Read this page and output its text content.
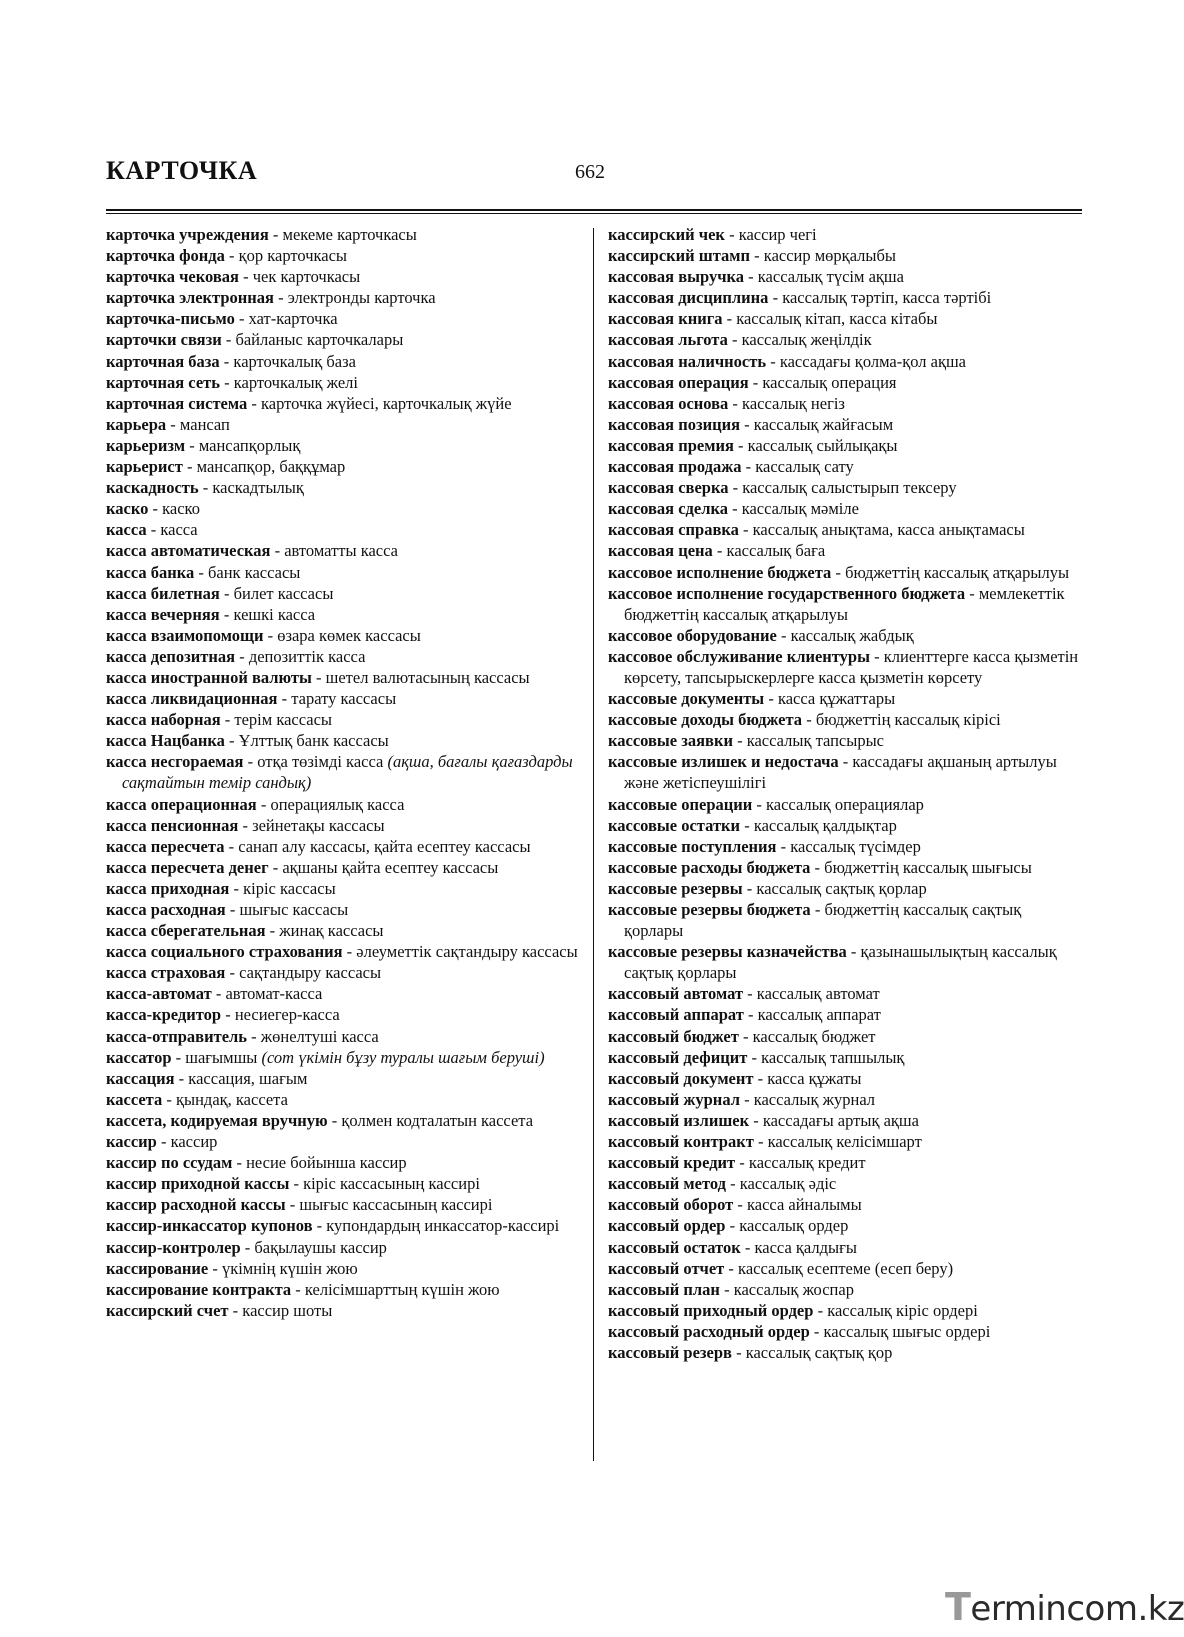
КАРТОЧКА	662
карточка учреждения - мекеме карточкасы
карточка фонда - қор карточкасы
карточка чековая - чек карточкасы
карточка электронная - электронды карточка
карточка-письмо - хат-карточка
карточки связи - байланыс карточкалары
карточная база - карточкалық база
карточная сеть - карточкалық желі
карточная система - карточка жүйесі, карточкалық жүйе
карьера - мансап
карьеризм - мансапқорлық
карьерист - мансапқор, баққұмар
каскадность - каскадтылық
каско - каско
касса - касса
касса автоматическая - автоматты касса
касса банка - банк кассасы
касса билетная - билет кассасы
касса вечерняя - кешкі касса
касса взаимопомощи - өзара көмек кассасы
касса депозитная - депозиттік касса
касса иностранной валюты - шетел валютасының кассасы
касса ликвидационная - тарату кассасы
касса наборная - терім кассасы
касса Нацбанка - Ұлттық банк кассасы
касса несгораемая - отқа төзімді касса (ақша, бағалы қағаздарды сақтайтын темір сандық)
касса операционная - операциялық касса
касса пенсионная - зейнетақы кассасы
касса пересчета - санап алу кассасы, қайта есептеу кассасы
касса пересчета денег - ақшаны қайта есептеу кассасы
касса приходная - кіріс кассасы
касса расходная - шығыс кассасы
касса сберегательная - жинақ кассасы
касса социального страхования - әлеуметтік сақтандыру кассасы
касса страховая - сақтандыру кассасы
касса-автомат - автомат-касса
касса-кредитор - несиегер-касса
касса-отправитель - жөнелтуші касса
кассатор - шағымшы (сот үкімін бұзу туралы шағым беруші)
кассация - кассация, шағым
кассета - қындақ, кассета
кассета, кодируемая вручную - қолмен кодталатын кассета
кассир - кассир
кассир по ссудам - несие бойынша кассир
кассир приходной кассы - кіріс кассасының кассирі
кассир расходной кассы - шығыс кассасының кассирі
кассир-инкассатор купонов - купондардың инкассатор-кассирі
кассир-контролер - бақылаушы кассир
кассирование - үкімнің күшін жою
кассирование контракта - келісімшарттың күшін жою
кассирский счет - кассир шоты
кассирский чек - кассир чегі
кассирский штамп - кассир мөрқалыбы
кассовая выручка - кассалық түсім ақша
кассовая дисциплина - кассалық тәртіп, касса тәртібі
кассовая книга - кассалық кітап, касса кітабы
кассовая льгота - кассалық жеңілдік
кассовая наличность - кассадағы қолма-қол ақша
кассовая операция - кассалық операция
кассовая основа - кассалық негіз
кассовая позиция - кассалық жайғасым
кассовая премия - кассалық сыйлықақы
кассовая продажа - кассалық сату
кассовая сверка - кассалық салыстырып тексеру
кассовая сделка - кассалық мәміле
кассовая справка - кассалық анықтама, касса анықтамасы
кассовая цена - кассалық баға
кассовое исполнение бюджета - бюджеттің кассалық атқарылуы
кассовое исполнение государственного бюджета - мемлекеттік бюджеттің кассалық атқарылуы
кассовое оборудование - кассалық жабдық
кассовое обслуживание клиентуры - клиенттерге касса қызметін көрсету, тапсырыскерлерге касса қызметін көрсету
кассовые документы - касса құжаттары
кассовые доходы бюджета - бюджеттің кассалық кірісі
кассовые заявки - кассалық тапсырыс
кассовые излишек и недостача - кассадағы ақшаның артылуы және жетіспеушілігі
кассовые операции - кассалық операциялар
кассовые остатки - кассалық қалдықтар
кассовые поступления - кассалық түсімдер
кассовые расходы бюджета - бюджеттің кассалық шығысы
кассовые резервы - кассалық сақтық қорлар
кассовые резервы бюджета - бюджеттің кассалық сақтық қорлары
кассовые резервы казначейства - қазынашылықтың кассалық сақтық қорлары
кассовый автомат - кассалық автомат
кассовый аппарат - кассалық аппарат
кассовый бюджет - кассалық бюджет
кассовый дефицит - кассалық тапшылық
кассовый документ - касса құжаты
кассовый журнал - кассалық журнал
кассовый излишек - кассадағы артық ақша
кассовый контракт - кассалық келісімшарт
кассовый кредит - кассалық кредит
кассовый метод - кассалық әдіс
кассовый оборот - касса айналымы
кассовый ордер - кассалық ордер
кассовый остаток - касса қалдығы
кассовый отчет - кассалық есептеме (есеп беру)
кассовый план - кассалық жоспар
кассовый приходный ордер - кассалық кіріс ордері
кассовый расходный ордер - кассалық шығыс ордері
кассовый резерв - кассалық сақтық қор
Termincom.kz
